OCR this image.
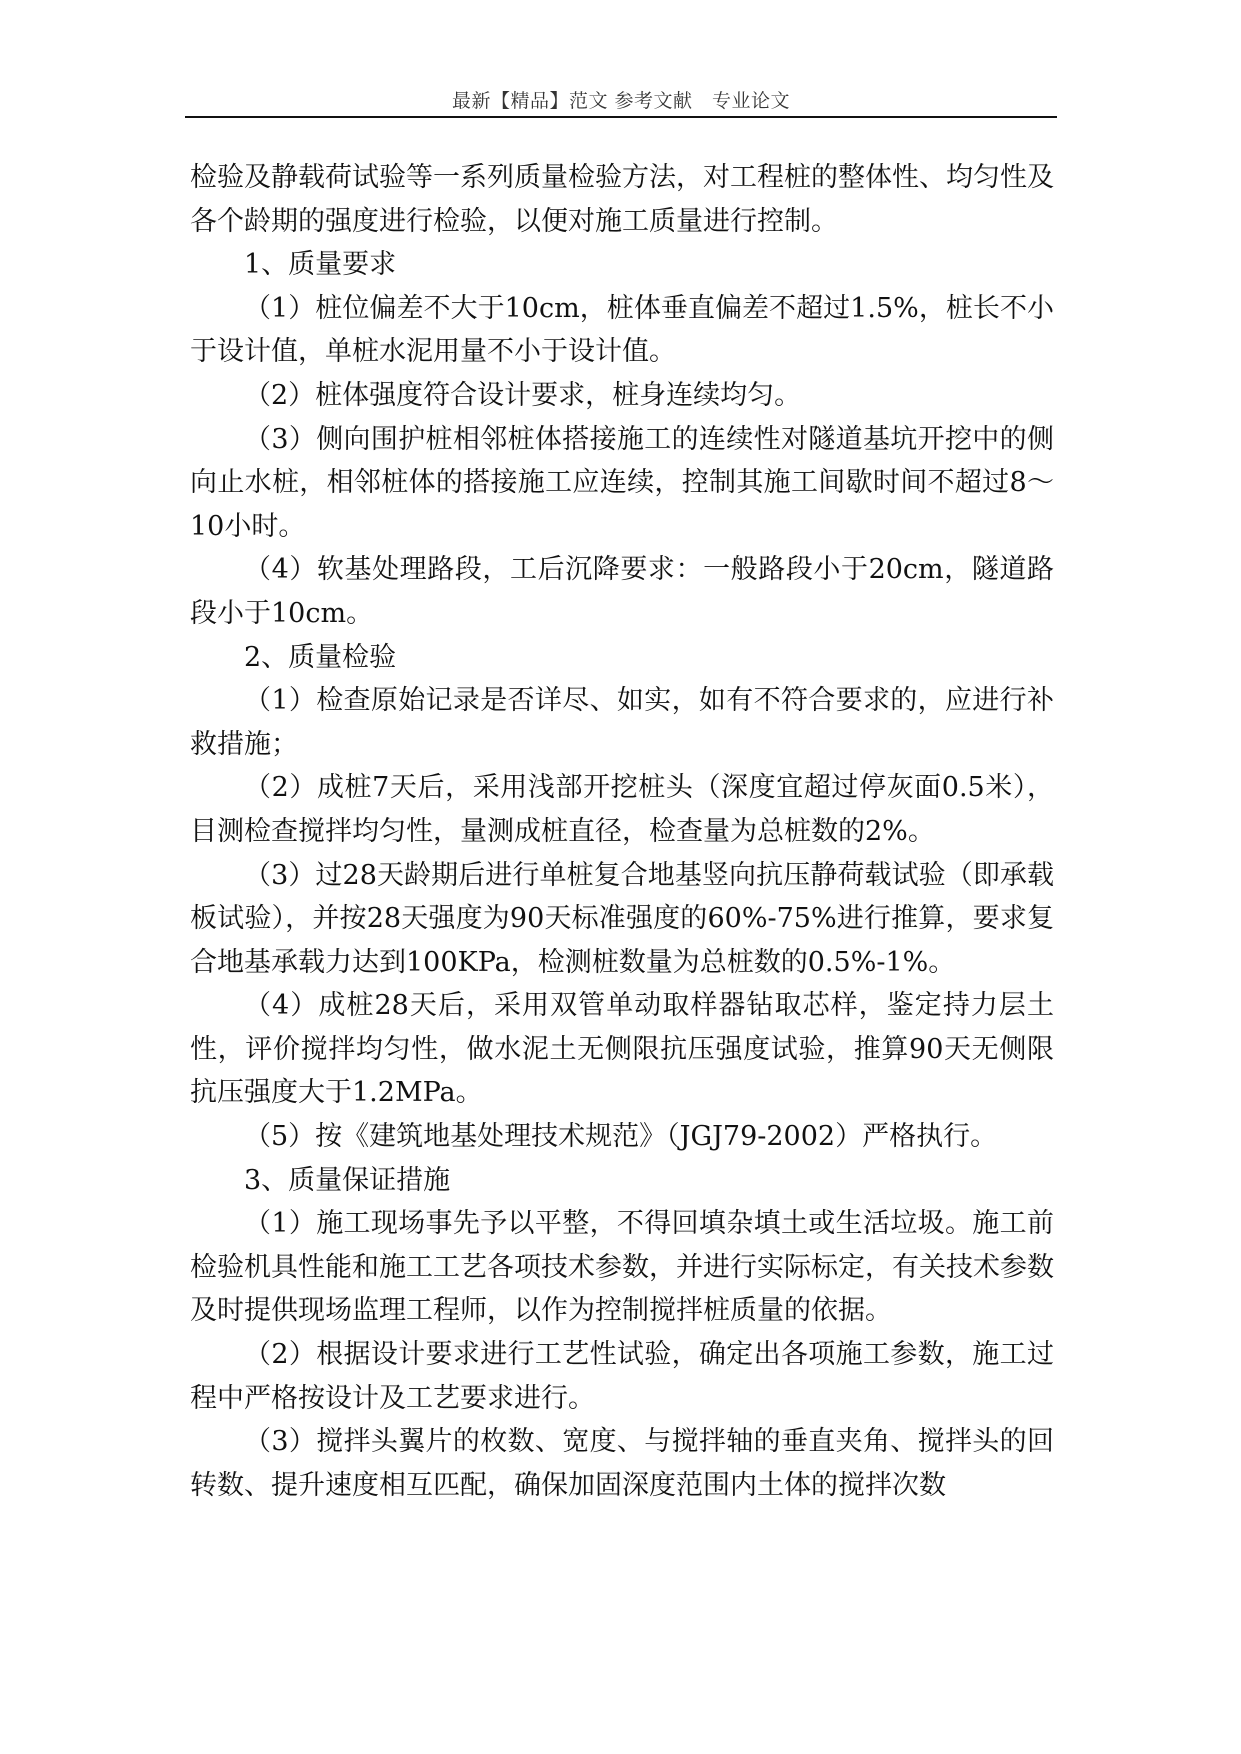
最新【精品】范文 参考文献　专业论文

检验及静载荷试验等一系列质量检验方法，对工程桩的整体性、均匀性及各个龄期的强度进行检验，以便对施工质量进行控制。

1、质量要求

（1）桩位偏差不大于10cm，桩体垂直偏差不超过1.5%，桩长不小于设计值，单桩水泥用量不小于设计值。

（2）桩体强度符合设计要求，桩身连续均匀。

（3）侧向围护桩相邻桩体搭接施工的连续性对隧道基坑开挖中的侧向止水桩，相邻桩体的搭接施工应连续，控制其施工间歇时间不超过8～10小时。

（4）软基处理路段，工后沉降要求：一般路段小于20cm，隧道路段小于10cm。

2、质量检验

（1）检查原始记录是否详尽、如实，如有不符合要求的，应进行补救措施；

（2）成桩7天后，采用浅部开挖桩头（深度宜超过停灰面0.5米），目测检查搅拌均匀性，量测成桩直径，检查量为总桩数的2%。

（3）过28天龄期后进行单桩复合地基竖向抗压静荷载试验（即承载板试验），并按28天强度为90天标准强度的60%-75%进行推算，要求复合地基承载力达到100KPa，检测桩数量为总桩数的0.5%-1%。

（4）成桩28天后，采用双管单动取样器钻取芯样，鉴定持力层土性，评价搅拌均匀性，做水泥土无侧限抗压强度试验，推算90天无侧限抗压强度大于1.2MPa。

（5）按《建筑地基处理技术规范》（JGJ79-2002）严格执行。

3、质量保证措施

（1）施工现场事先予以平整，不得回填杂填土或生活垃圾。施工前检验机具性能和施工工艺各项技术参数，并进行实际标定，有关技术参数及时提供现场监理工程师，以作为控制搅拌桩质量的依据。

（2）根据设计要求进行工艺性试验，确定出各项施工参数，施工过程中严格按设计及工艺要求进行。

（3）搅拌头翼片的枚数、宽度、与搅拌轴的垂直夹角、搅拌头的回转数、提升速度相互匹配，确保加固深度范围内土体的搅拌次数
